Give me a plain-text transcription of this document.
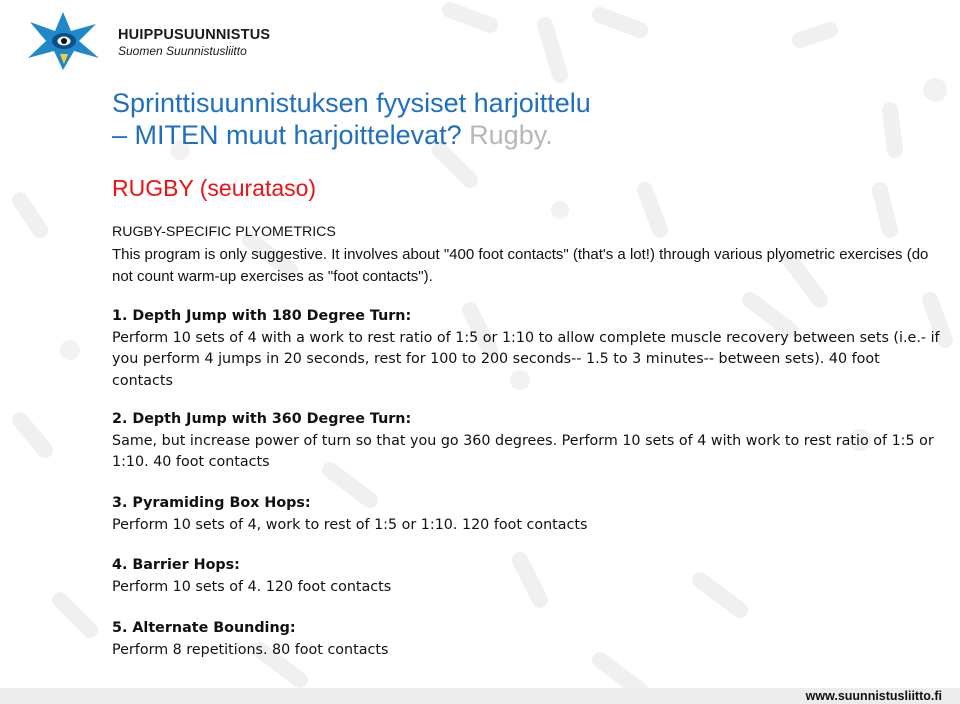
HUIPPUSUUNNISTUS
Suomen Suunnistusliitto
Sprinttisuunnistuksen fyysiset harjoittelu
– MITEN muut harjoittelevat? Rugby.
RUGBY (seurataso)
RUGBY-SPECIFIC PLYOMETRICS
This program is only suggestive. It involves about "400 foot contacts" (that's a lot!) through various plyometric exercises (do not count warm-up exercises as "foot contacts").
1. Depth Jump with 180 Degree Turn:
Perform 10 sets of 4 with a work to rest ratio of 1:5 or 1:10 to allow complete muscle recovery between sets (i.e.- if you perform 4 jumps in 20 seconds, rest for 100 to 200 seconds-- 1.5 to 3 minutes-- between sets). 40 foot contacts
2. Depth Jump with 360 Degree Turn:
Same, but increase power of turn so that you go 360 degrees. Perform 10 sets of 4 with work to rest ratio of 1:5 or 1:10. 40 foot contacts
3. Pyramiding Box Hops:
Perform 10 sets of 4, work to rest of 1:5 or 1:10. 120 foot contacts
4. Barrier Hops:
Perform 10 sets of 4. 120 foot contacts
5. Alternate Bounding:
Perform 8 repetitions. 80 foot contacts
www.suunnistusliitto.fi
